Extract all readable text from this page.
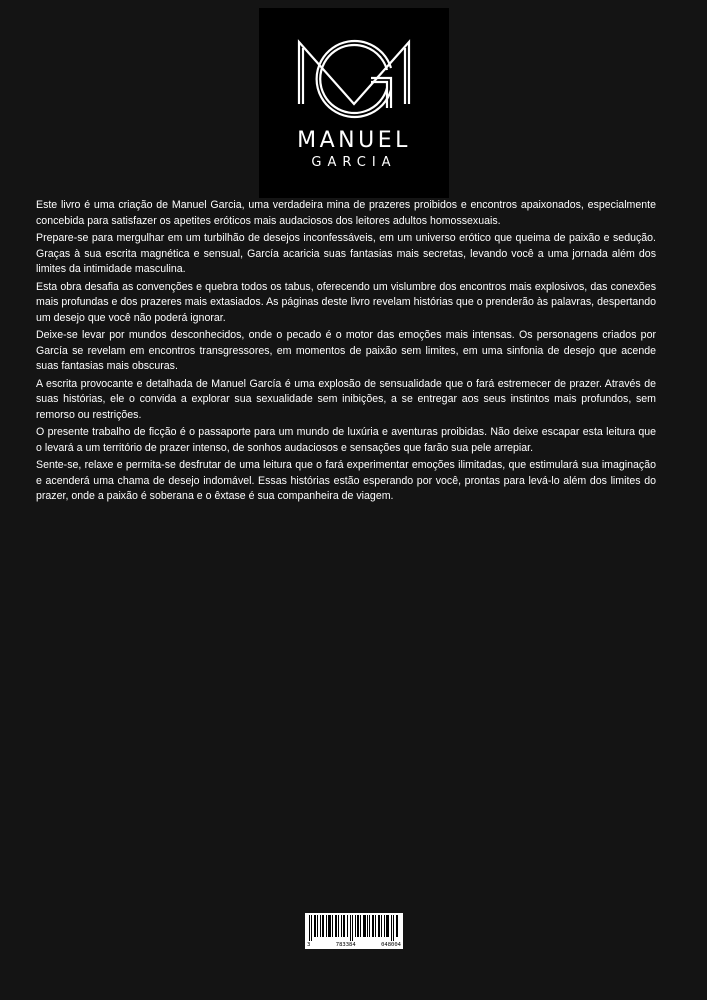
MANUEL
GARCIA

Este livro é uma criação de Manuel Garcia, uma verdadeira mina de prazeres proibidos e encontros apaixonados, especialmente concebida para satisfazer os apetites eróticos mais audaciosos dos leitores adultos homossexuais.

Prepare-se para mergulhar em um turbilhão de desejos inconfessáveis, em um universo erótico que queima de paixão e sedução. Graças à sua escrita magnética e sensual, García acaricia suas fantasias mais secretas, levando você a uma jornada além dos limites da intimidade masculina.

Esta obra desafia as convenções e quebra todos os tabus, oferecendo um vislumbre dos encontros mais explosivos, das conexões mais profundas e dos prazeres mais extasiados. As páginas deste livro revelam histórias que o prenderão às palavras, despertando um desejo que você não poderá ignorar.

Deixe-se levar por mundos desconhecidos, onde o pecado é o motor das emoções mais intensas. Os personagens criados por García se revelam em encontros transgressores, em momentos de paixão sem limites, em uma sinfonia de desejo que acende suas fantasias mais obscuras.

A escrita provocante e detalhada de Manuel García é uma explosão de sensualidade que o fará estremecer de prazer. Através de suas histórias, ele o convida a explorar sua sexualidade sem inibições, a se entregar aos seus instintos mais profundos, sem remorso ou restrições.

O presente trabalho de ficção é o passaporte para um mundo de luxúria e aventuras proibidas. Não deixe escapar esta leitura que o levará a um território de prazer intenso, de sonhos audaciosos e sensações que farão sua pele arrepiar.

Sente-se, relaxe e permita-se desfrutar de uma leitura que o fará experimentar emoções ilimitadas, que estimulará sua imaginação e acenderá uma chama de desejo indomável. Essas histórias estão esperando por você, prontas para levá-lo além dos limites do prazer, onde a paixão é soberana e o êxtase é sua companheira de viagem.

3	783384	048004
